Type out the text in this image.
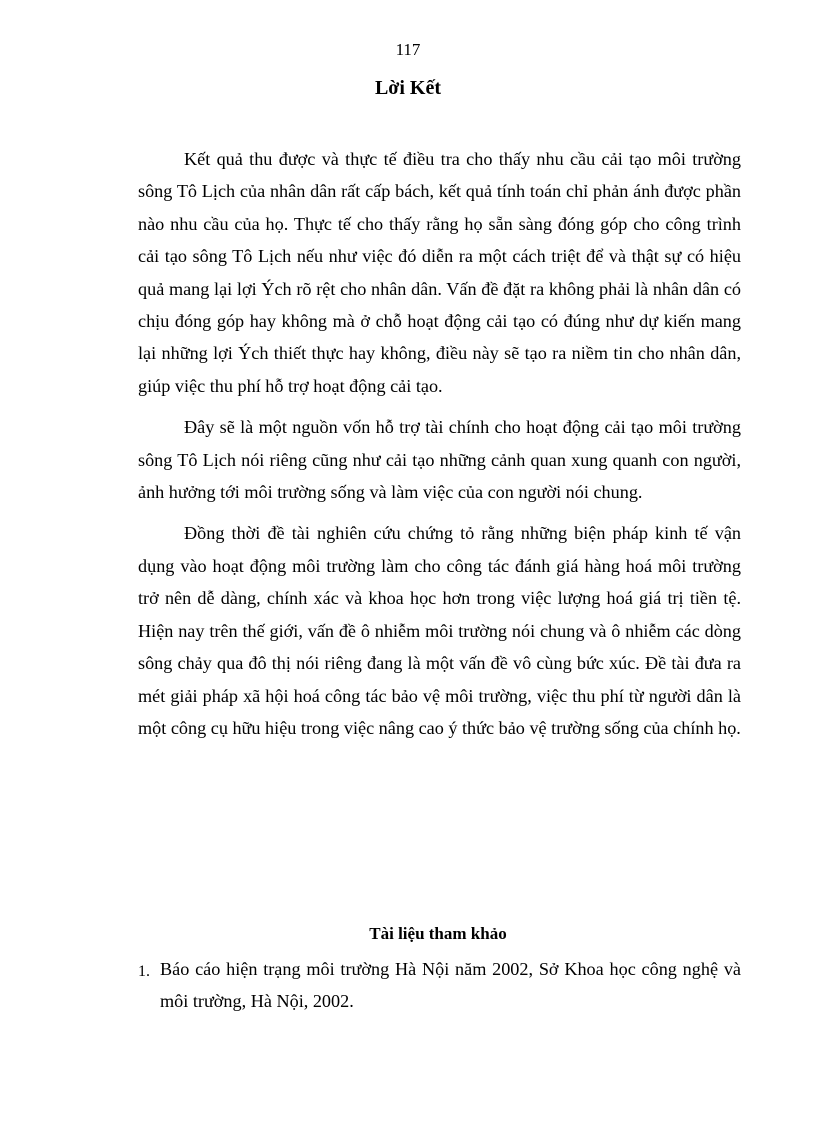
117
Lời Kết

Kết quả thu được và thực tế điều tra cho thấy nhu cầu cải tạo môi trường sông Tô Lịch của nhân dân rất cấp bách, kết quả tính toán chỉ phản ánh được phần nào nhu cầu của họ. Thực tế cho thấy rằng họ sẵn sàng đóng góp cho công trình cải tạo sông Tô Lịch nếu như việc đó diễn ra một cách triệt để và thật sự có hiệu quả mang lại lợi Ých rõ rệt cho nhân dân. Vấn đề đặt ra không phải là nhân dân có chịu đóng góp hay không mà ở chỗ hoạt động cải tạo có đúng như dự kiến mang lại những lợi Ých thiết thực hay không, điều này sẽ tạo ra niềm tin cho nhân dân, giúp việc thu phí hỗ trợ hoạt động cải tạo.

Đây sẽ là một nguồn vốn hỗ trợ tài chính cho hoạt động cải tạo môi trường sông Tô Lịch nói riêng cũng như cải tạo những cảnh quan xung quanh con người, ảnh hưởng tới môi trường sống và làm việc của con người nói chung.

Đồng thời đề tài nghiên cứu chứng tỏ rằng những biện pháp kinh tế vận dụng vào hoạt động môi trường làm cho công tác đánh giá hàng hoá môi trường trở nên dễ dàng, chính xác và khoa học hơn trong việc lượng hoá giá trị tiền tệ. Hiện nay trên thế giới, vấn đề ô nhiễm môi trường nói chung và ô nhiễm các dòng sông chảy qua đô thị nói riêng đang là một vấn đề vô cùng bức xúc. Đề tài đưa ra mét giải pháp xã hội hoá công tác bảo vệ môi trường, việc thu phí từ người dân là một công cụ hữu hiệu trong việc nâng cao ý thức bảo vệ trường sống của chính họ.

Tài liệu tham khảo
1. Báo cáo hiện trạng môi trường Hà Nội năm 2002, Sở Khoa học công nghệ và môi trường, Hà Nội, 2002.
